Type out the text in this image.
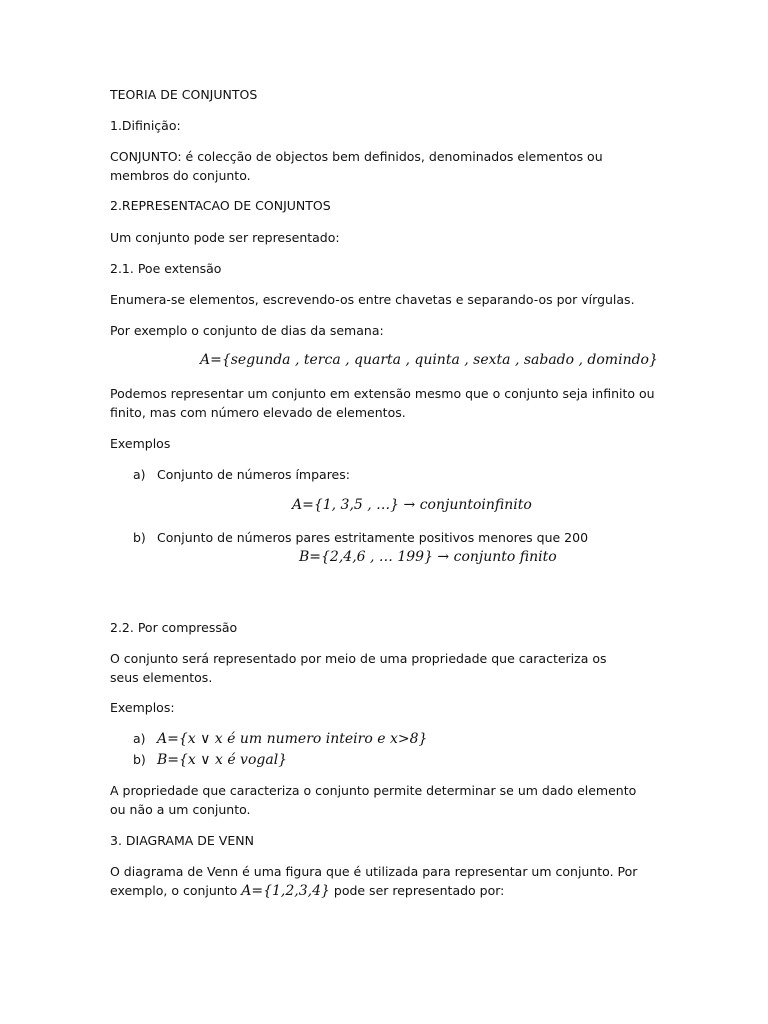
TEORIA DE CONJUNTOS

1.Difinição:

CONJUNTO: é colecção de objectos bem definidos, denominados elementos ou membros do conjunto.

2.REPRESENTACAO DE CONJUNTOS

Um conjunto pode ser representado:

2.1. Poe extensão

Enumera-se elementos, escrevendo-os entre chavetas e separando-os por vírgulas.

Por exemplo o conjunto de dias da semana:

A={segunda , terca , quarta , quinta , sexta , sabado , domindo}

Podemos representar um conjunto em extensão mesmo que o conjunto seja infinito ou finito, mas com número elevado de elementos.

Exemplos

a) Conjunto de números ímpares:
A={1, 3,5 , …} → conjuntoinfinito
b) Conjunto de números pares estritamente positivos menores que 200
B={2,4,6 , … 199} → conjunto finito

2.2. Por compressão

O conjunto será representado por meio de uma propriedade que caracteriza os seus elementos.

Exemplos:

a) A={x ∨ x é um numero inteiro e x>8}
b) B={x ∨ x é vogal}

A propriedade que caracteriza o conjunto permite determinar se um dado elemento ou não a um conjunto.

3. DIAGRAMA DE VENN

O diagrama de Venn é uma figura que é utilizada para representar um conjunto. Por exemplo, o conjunto A={1,2,3,4} pode ser representado por:
